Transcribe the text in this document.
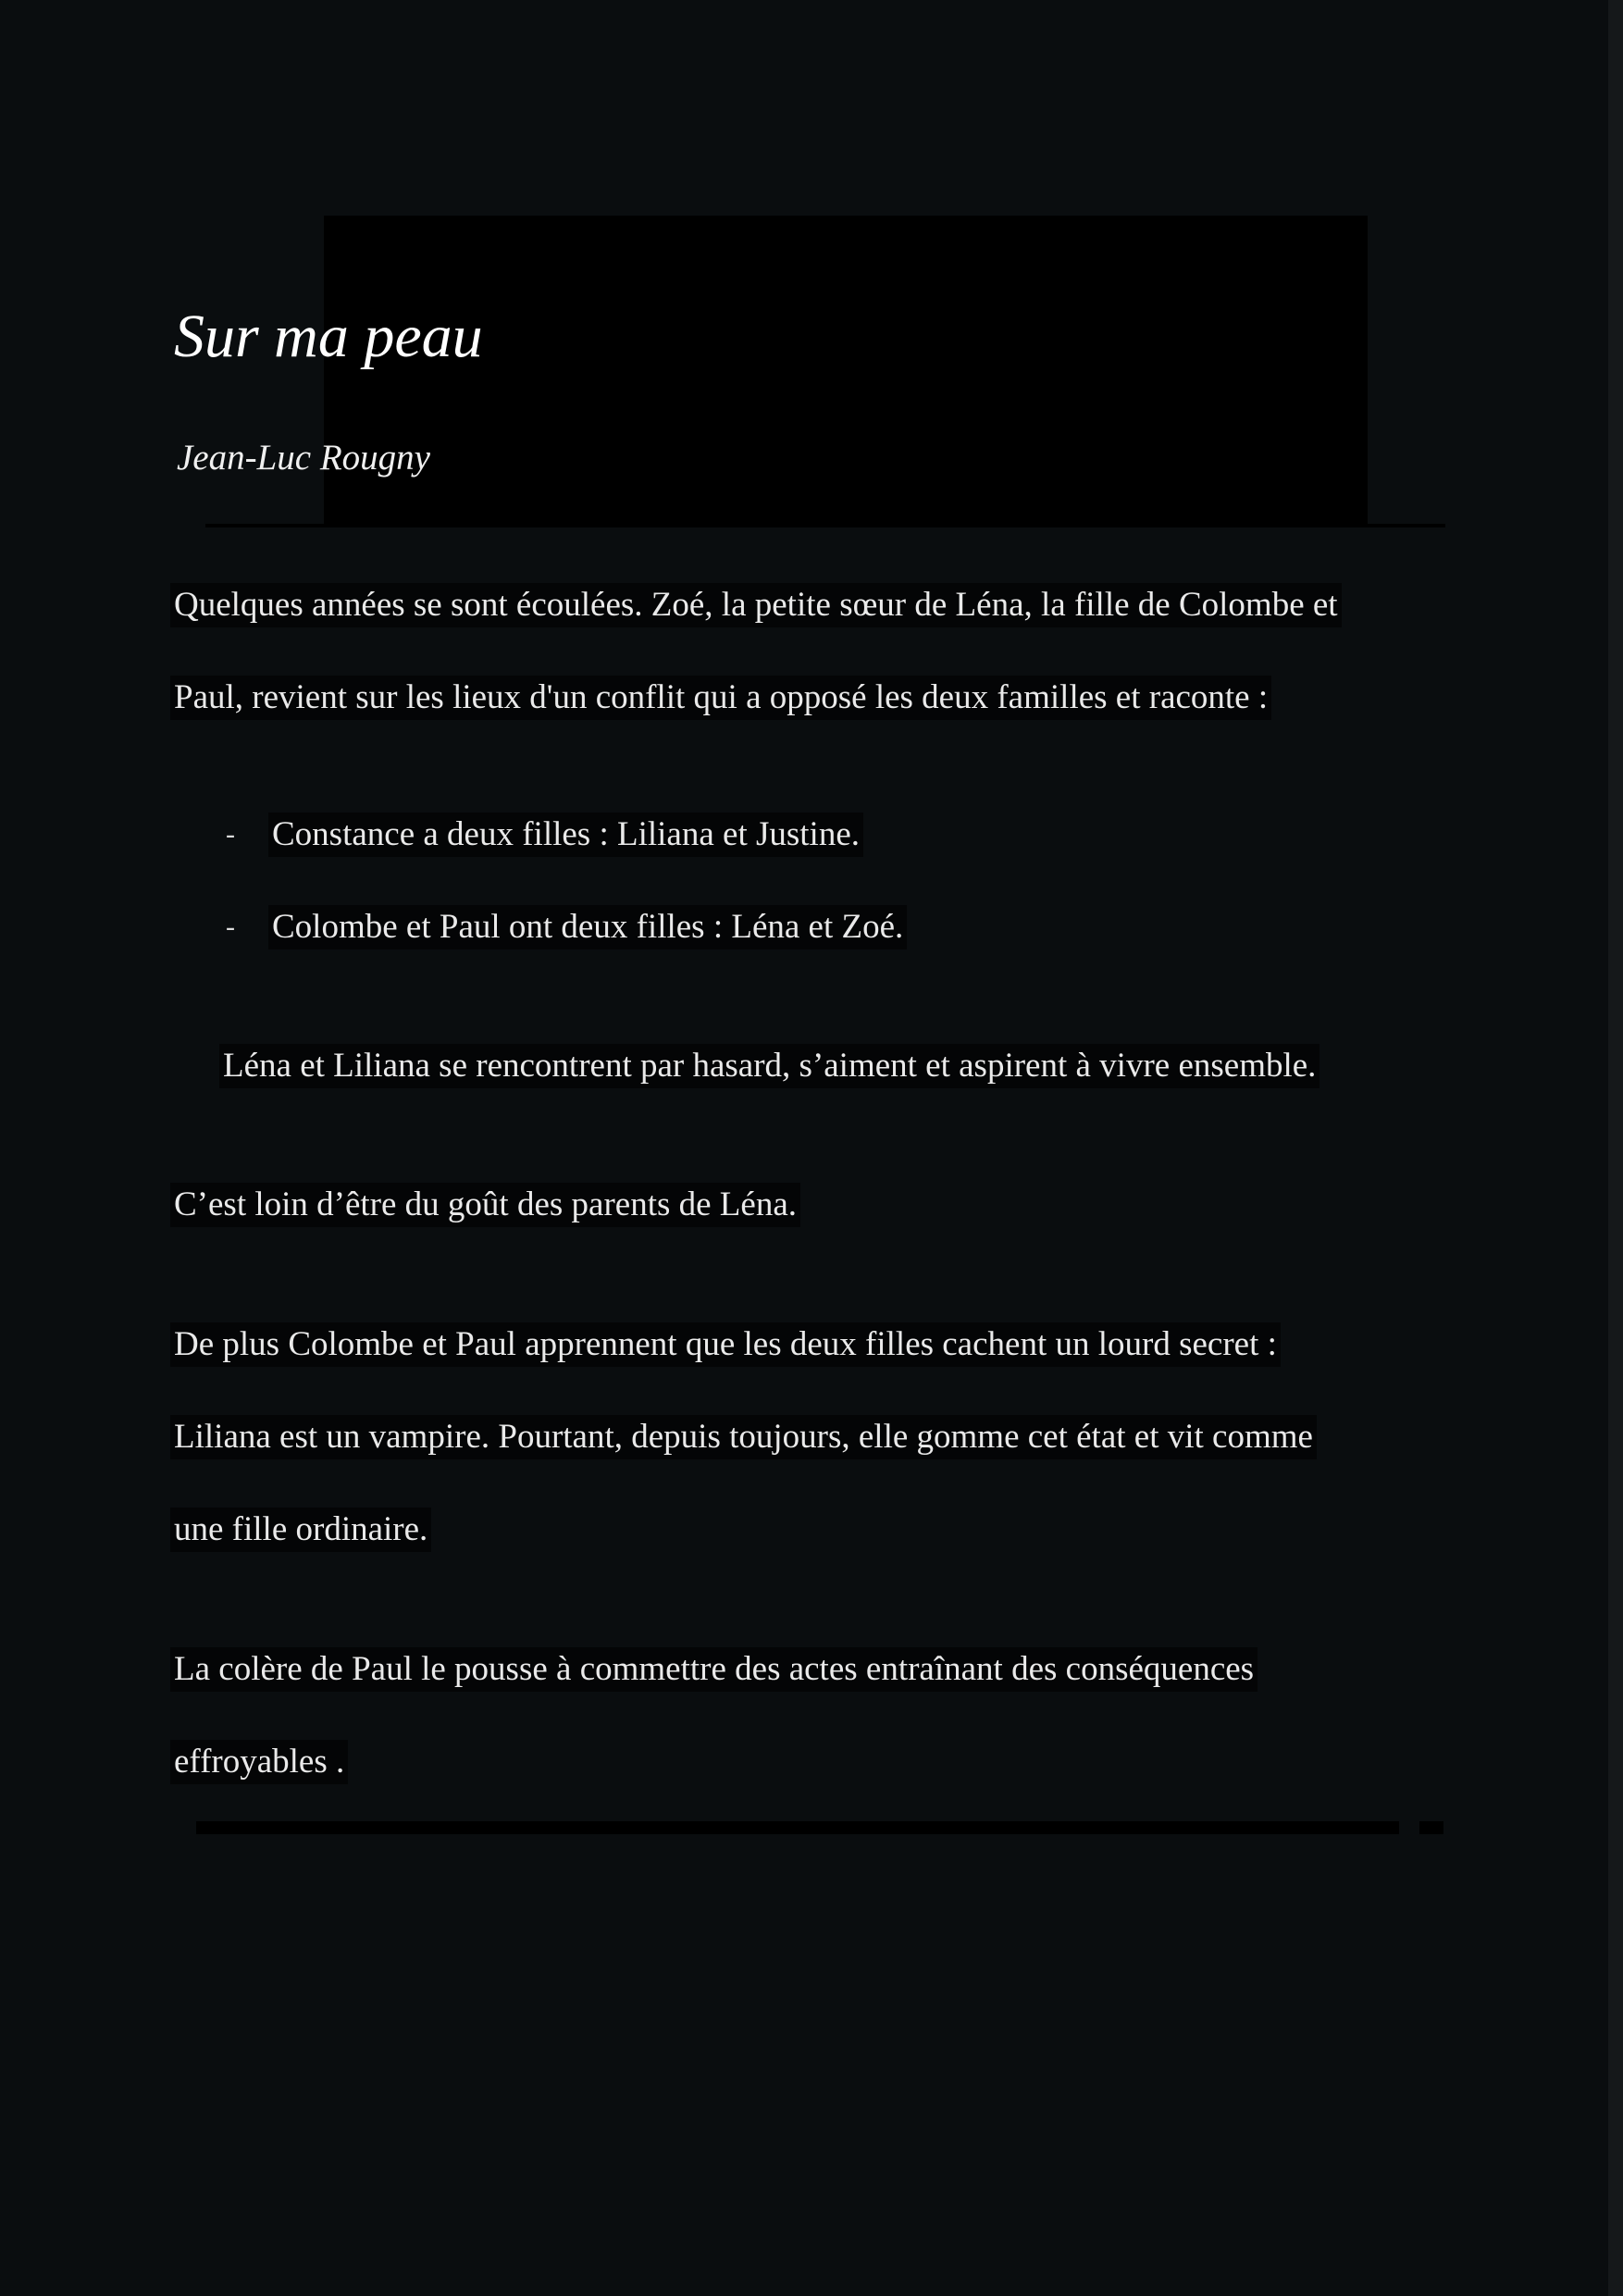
Sur ma peau
Jean-Luc Rougny
Quelques années se sont écoulées. Zoé, la petite sœur de Léna, la fille de Colombe et
Paul, revient sur les lieux d'un conflit qui a opposé les deux familles et raconte :
- Constance a deux filles : Liliana et Justine.
- Colombe et Paul ont deux filles : Léna et Zoé.
Léna et Liliana se rencontrent par hasard, s’aiment et aspirent à vivre ensemble.
C’est loin d’être du goût des parents de Léna.
De plus Colombe et Paul apprennent que les deux filles cachent un lourd secret :
Liliana est un vampire. Pourtant, depuis toujours, elle gomme cet état et vit comme
une fille ordinaire.
La colère de Paul le pousse à commettre des actes entraînant des conséquences
effroyables .
